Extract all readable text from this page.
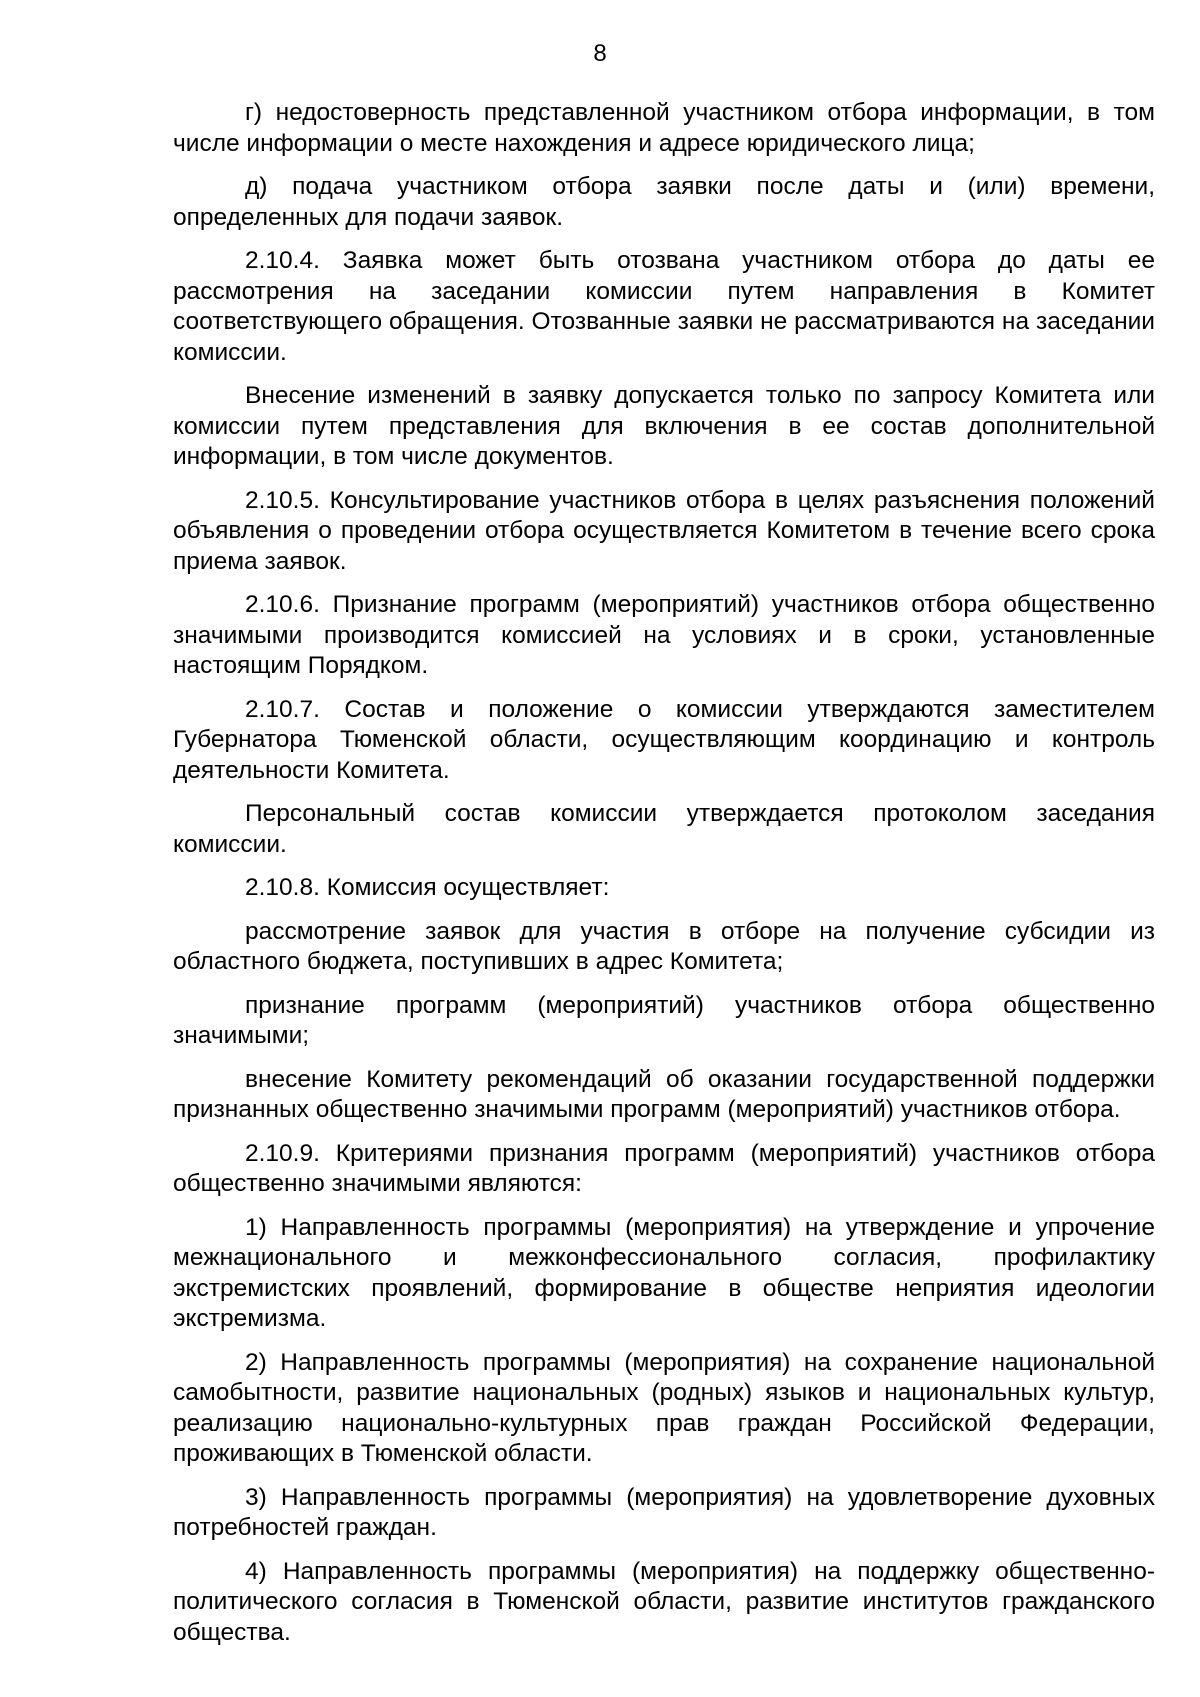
8

г) недостоверность представленной участником отбора информации, в том числе информации о месте нахождения и адресе юридического лица;

д) подача участником отбора заявки после даты и (или) времени, определенных для подачи заявок.

2.10.4. Заявка может быть отозвана участником отбора до даты ее рассмотрения на заседании комиссии путем направления в Комитет соответствующего обращения. Отозванные заявки не рассматриваются на заседании комиссии.

Внесение изменений в заявку допускается только по запросу Комитета или комиссии путем представления для включения в ее состав дополнительной информации, в том числе документов.

2.10.5. Консультирование участников отбора в целях разъяснения положений объявления о проведении отбора осуществляется Комитетом в течение всего срока приема заявок.

2.10.6. Признание программ (мероприятий) участников отбора общественно значимыми производится комиссией на условиях и в сроки, установленные настоящим Порядком.

2.10.7. Состав и положение о комиссии утверждаются заместителем Губернатора Тюменской области, осуществляющим координацию и контроль деятельности Комитета.

Персональный состав комиссии утверждается протоколом заседания комиссии.

2.10.8. Комиссия осуществляет:

рассмотрение заявок для участия в отборе на получение субсидии из областного бюджета, поступивших в адрес Комитета;

признание программ (мероприятий) участников отбора общественно значимыми;

внесение Комитету рекомендаций об оказании государственной поддержки признанных общественно значимыми программ (мероприятий) участников отбора.

2.10.9. Критериями признания программ (мероприятий) участников отбора общественно значимыми являются:

1) Направленность программы (мероприятия) на утверждение и упрочение межнационального и межконфессионального согласия, профилактику экстремистских проявлений, формирование в обществе неприятия идеологии экстремизма.

2) Направленность программы (мероприятия) на сохранение национальной самобытности, развитие национальных (родных) языков и национальных культур, реализацию национально-культурных прав граждан Российской Федерации, проживающих в Тюменской области.

3) Направленность программы (мероприятия) на удовлетворение духовных потребностей граждан.

4) Направленность программы (мероприятия) на поддержку общественно-политического согласия в Тюменской области, развитие институтов гражданского общества.
